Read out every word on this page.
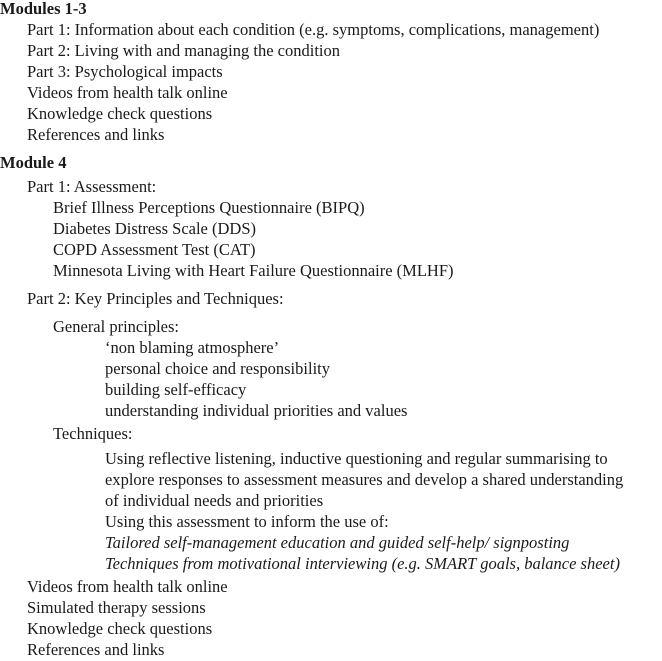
Modules 1-3
Part 1: Information about each condition (e.g. symptoms, complications, management)
Part 2: Living with and managing the condition
Part 3: Psychological impacts
Videos from health talk online
Knowledge check questions
References and links
Module 4
Part 1: Assessment:
Brief Illness Perceptions Questionnaire (BIPQ)
Diabetes Distress Scale (DDS)
COPD Assessment Test (CAT)
Minnesota Living with Heart Failure Questionnaire (MLHF)
Part 2: Key Principles and Techniques:
General principles:
‘non blaming atmosphere’
personal choice and responsibility
building self-efficacy
understanding individual priorities and values
Techniques:
Using reflective listening, inductive questioning and regular summarising to
explore responses to assessment measures and develop a shared understanding
of individual needs and priorities
Using this assessment to inform the use of:
Tailored self-management education and guided self-help/ signposting
Techniques from motivational interviewing (e.g. SMART goals, balance sheet)
Videos from health talk online
Simulated therapy sessions
Knowledge check questions
References and links
